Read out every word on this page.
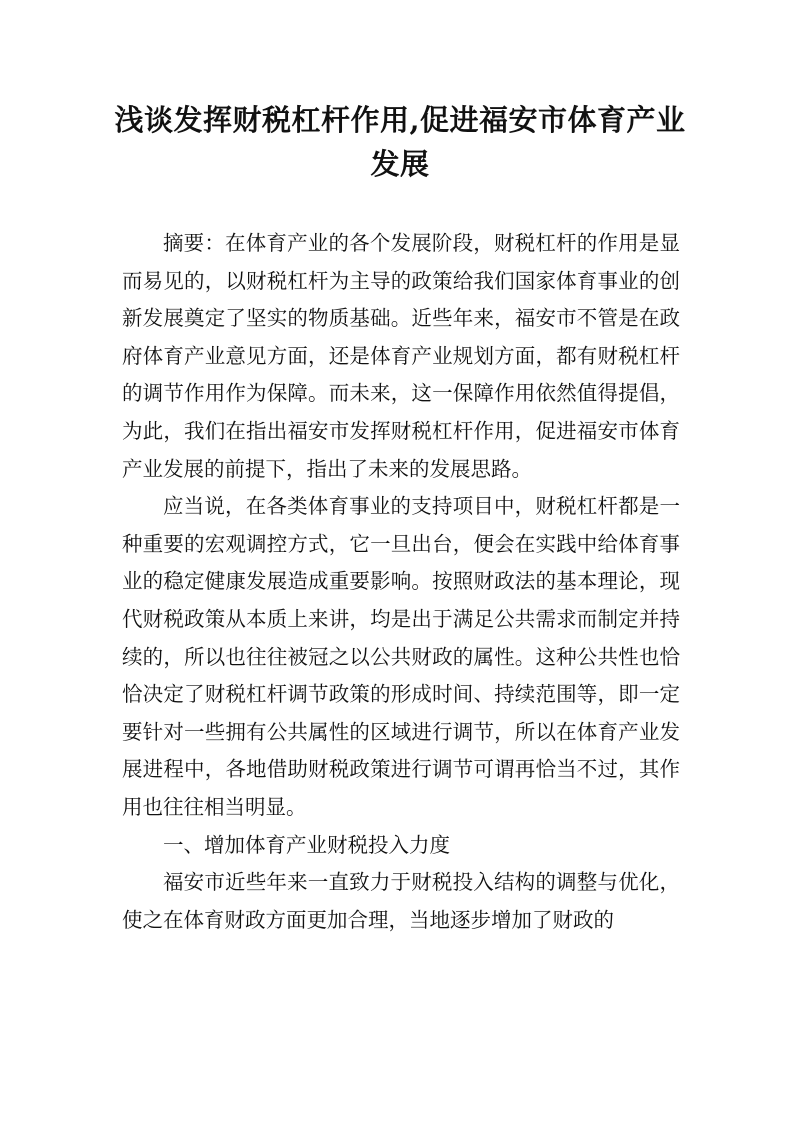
浅谈发挥财税杠杆作用,促进福安市体育产业发展

摘要：在体育产业的各个发展阶段，财税杠杆的作用是显而易见的，以财税杠杆为主导的政策给我们国家体育事业的创新发展奠定了坚实的物质基础。近些年来，福安市不管是在政府体育产业意见方面，还是体育产业规划方面，都有财税杠杆的调节作用作为保障。而未来，这一保障作用依然值得提倡，为此，我们在指出福安市发挥财税杠杆作用，促进福安市体育产业发展的前提下，指出了未来的发展思路。

应当说，在各类体育事业的支持项目中，财税杠杆都是一种重要的宏观调控方式，它一旦出台，便会在实践中给体育事业的稳定健康发展造成重要影响。按照财政法的基本理论，现代财税政策从本质上来讲，均是出于满足公共需求而制定并持续的，所以也往往被冠之以公共财政的属性。这种公共性也恰恰决定了财税杠杆调节政策的形成时间、持续范围等，即一定要针对一些拥有公共属性的区域进行调节，所以在体育产业发展进程中，各地借助财税政策进行调节可谓再恰当不过，其作用也往往相当明显。

一、增加体育产业财税投入力度

福安市近些年来一直致力于财税投入结构的调整与优化，使之在体育财政方面更加合理，当地逐步增加了财政的
